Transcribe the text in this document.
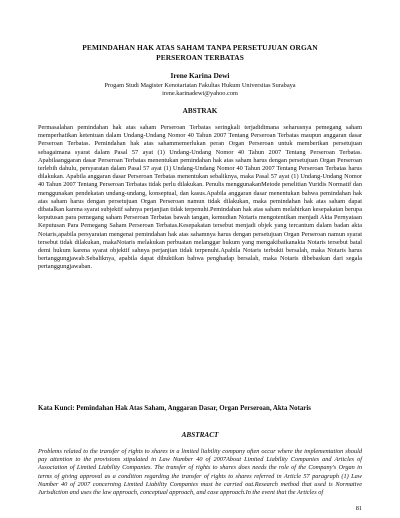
PEMINDAHAN HAK ATAS SAHAM TANPA PERSETUJUAN ORGAN
PERSEROAN TERBATAS
Irene Karina Dewi
Progam Studi Magister Kenotariatan Fakultas Hukum Universitas Surabaya
irene.karinadewi@yahoo.com
ABSTRAK

Permasalahan pemindahan hak atas saham Perseroan Terbatas seringkali terjadidimana seharusnya pemegang saham memperhatikan ketentuan dalam Undang-Undang Nomor 40 Tahun 2007 Tentang Perseroan Terbatas maupun anggaran dasar Perseroan Terbatas. Pemindahan hak atas sahammemerlukan peran Organ Perseroan untuk memberikan persetujuan sebagaimana syarat dalam Pasal 57 ayat (1) Undang-Undang Nomor 40 Tahun 2007 Tentang Perseroan Terbatas. Apabilaanggaran dasar Perseroan Terbatas menentukan pemindahan hak atas saham harus dengan persetujuan Organ Perseroan terlebih dahulu, persyaratan dalam Pasal 57 ayat (1) Undang-Undang Nomor 40 Tahun 2007 Tentang Perseroan Terbatas harus dilakukan. Apabila anggaran dasar Perseroan Terbatas menentukan sebaliknya, maka Pasal 57 ayat (1) Undang-Undang Nomor 40 Tahun 2007 Tentang Perseroan Terbatas tidak perlu dilakukan. Penulis menggunakanMetode penelitian Yuridis Normatif dan menggunakan pendekatan undang-undang, konseptual, dan kasus.Apabila anggaran dasar menentukan bahwa pemindahan hak atas saham harus dengan persetujuan Organ Perseroan namun tidak dilakukan, maka pemindahan hak atas saham dapat dibatalkan karena syarat subjektif sahnya perjanjian tidak terpenuhi.Pemindahan hak atas saham melahirkan kesepakatan berupa keputusan para pemegang saham Perseroan Terbatas bawah tangan, kemudian Notaris mengotentikan menjadi Akta Pernyataan Keputusan Para Pemegang Saham Perseroan Terbatas.Kesepakatan tersebut menjadi objek yang tercantum dalam badan akta Notaris,apabila persyaratan mengenai pemindahan hak atas sahamnya harus dengan persetujuan Organ Perseroan namun syarat tersebut tidak dilakukan, makaNotaris melakukan perbuatan melanggar hukum yang mengakibatkanakta Notaris tersebut batal demi hukum karena syarat objektif sahnya perjanjian tidak terpenuhi.Apabila Notaris terbukti bersalah, maka Notaris harus bertanggungjawab.Sebaliknya, apabila dapat dibuktikan bahwa penghadap bersalah, maka Notaris dibebaskan dari segala pertanggungjawaban.

Kata Kunci: Pemindahan Hak Atas Saham, Anggaran Dasar, Organ Perseroan, Akta Notaris
ABSTRACT

Problems related to the transfer of rights to shares in a limited liability company often occur where the implementation should pay attention to the provisions stipulated in Law Number 40 of 2007About Limited Liability Companies and Articles of Association of Limited Liability Companies. The transfer of rights to shares does needs the role of the Company's Organ in terms of giving approval as a condition regarding the transfer of rights to shares referred in Article 57 paragraph (1) Law Number 40 of 2007 concerning Limited Liability Companies must be carried out.Research method that used is Normative Jurisdiction and uses the law approach, conceptual approach, and case approach.In the event that the Articles of

81
